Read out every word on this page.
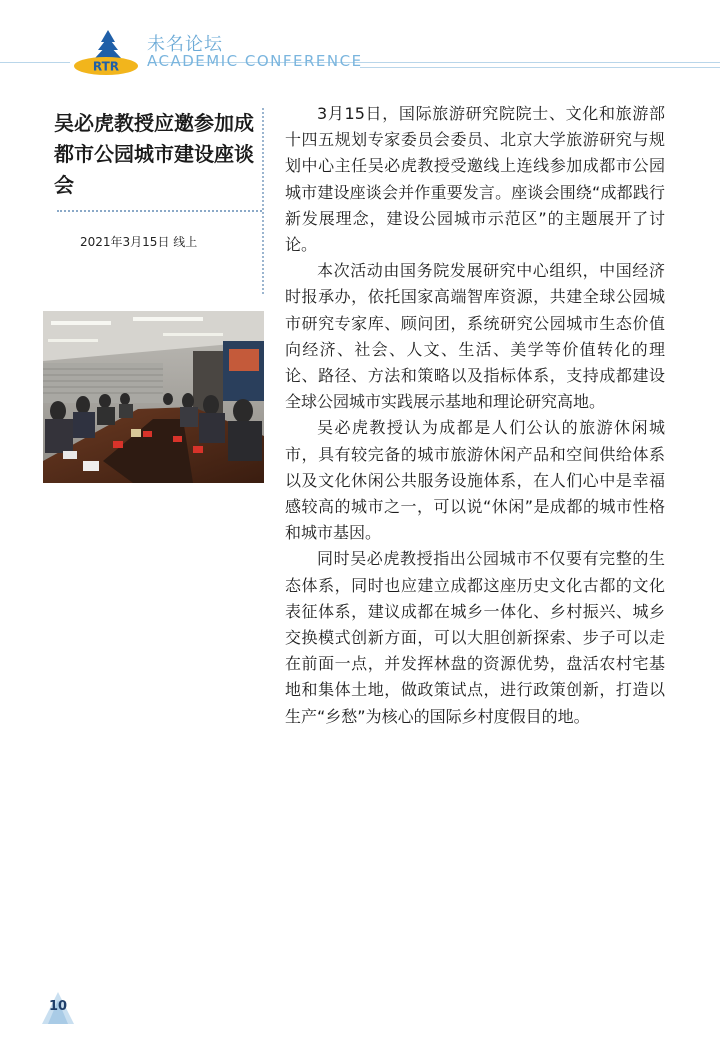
RTR
未名论坛
ACADEMIC CONFERENCE
吴必虎教授应邀参加成都市公园城市建设座谈会
2021年3月15日 线上

3月15日，国际旅游研究院院士、文化和旅游部十四五规划专家委员会委员、北京大学旅游研究与规划中心主任吴必虎教授受邀线上连线参加成都市公园城市建设座谈会并作重要发言。座谈会围绕“成都践行新发展理念，建设公园城市示范区”的主题展开了讨论。

本次活动由国务院发展研究中心组织，中国经济时报承办，依托国家高端智库资源，共建全球公园城市研究专家库、顾问团，系统研究公园城市生态价值向经济、社会、人文、生活、美学等价值转化的理论、路径、方法和策略以及指标体系，支持成都建设全球公园城市实践展示基地和理论研究高地。

吴必虎教授认为成都是人们公认的旅游休闲城市，具有较完备的城市旅游休闲产品和空间供给体系以及文化休闲公共服务设施体系，在人们心中是幸福感较高的城市之一，可以说“休闲”是成都的城市性格和城市基因。

同时吴必虎教授指出公园城市不仅要有完整的生态体系，同时也应建立成都这座历史文化古都的文化表征体系，建议成都在城乡一体化、乡村振兴、城乡交换模式创新方面，可以大胆创新探索、步子可以走在前面一点，并发挥林盘的资源优势，盘活农村宅基地和集体土地，做政策试点，进行政策创新，打造以生产“乡愁”为核心的国际乡村度假目的地。

10
